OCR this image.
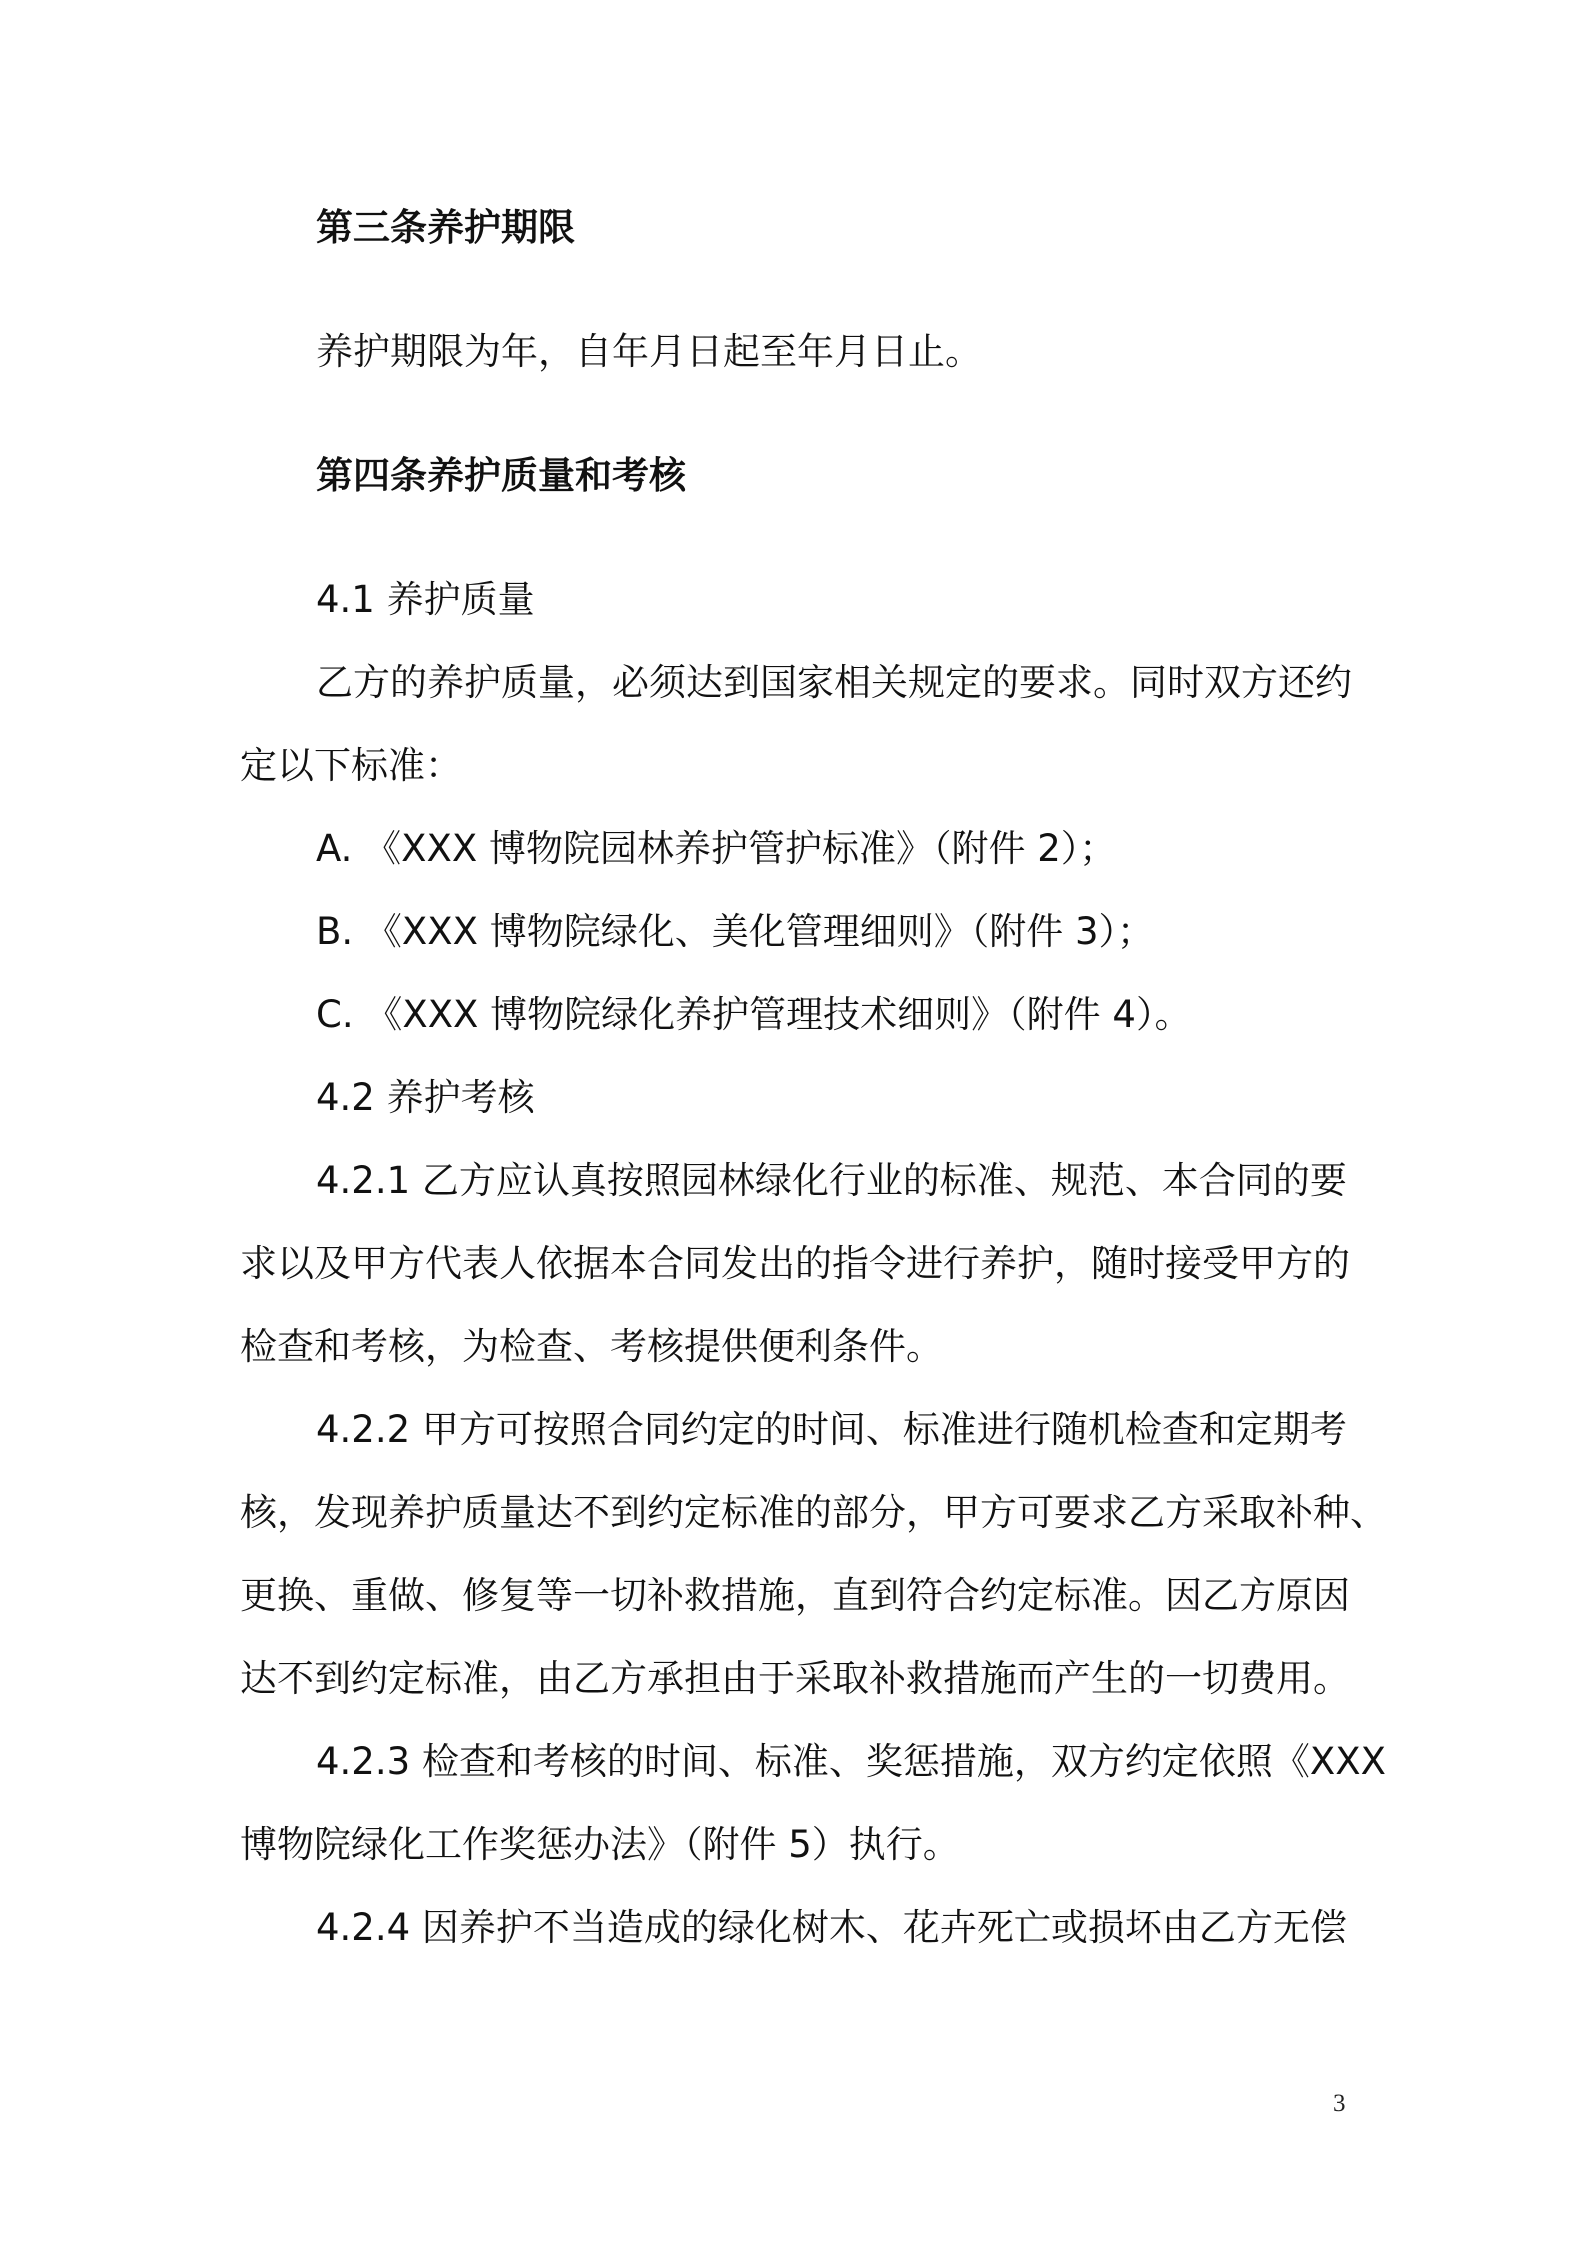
第三条养护期限
养护期限为年，自年月日起至年月日止。
第四条养护质量和考核
4.1 养护质量
乙方的养护质量，必须达到国家相关规定的要求。同时双方还约
定以下标准：
A. 《XXX 博物院园林养护管护标准》（附件 2）；
B. 《XXX 博物院绿化、美化管理细则》（附件 3）；
C. 《XXX 博物院绿化养护管理技术细则》（附件 4）。
4.2 养护考核
4.2.1 乙方应认真按照园林绿化行业的标准、规范、本合同的要
求以及甲方代表人依据本合同发出的指令进行养护，随时接受甲方的
检查和考核，为检查、考核提供便利条件。
4.2.2 甲方可按照合同约定的时间、标准进行随机检查和定期考
核，发现养护质量达不到约定标准的部分，甲方可要求乙方采取补种、
更换、重做、修复等一切补救措施，直到符合约定标准。因乙方原因
达不到约定标准，由乙方承担由于采取补救措施而产生的一切费用。
4.2.3 检查和考核的时间、标准、奖惩措施，双方约定依照《XXX
博物院绿化工作奖惩办法》（附件 5）执行。
4.2.4 因养护不当造成的绿化树木、花卉死亡或损坏由乙方无偿
3
